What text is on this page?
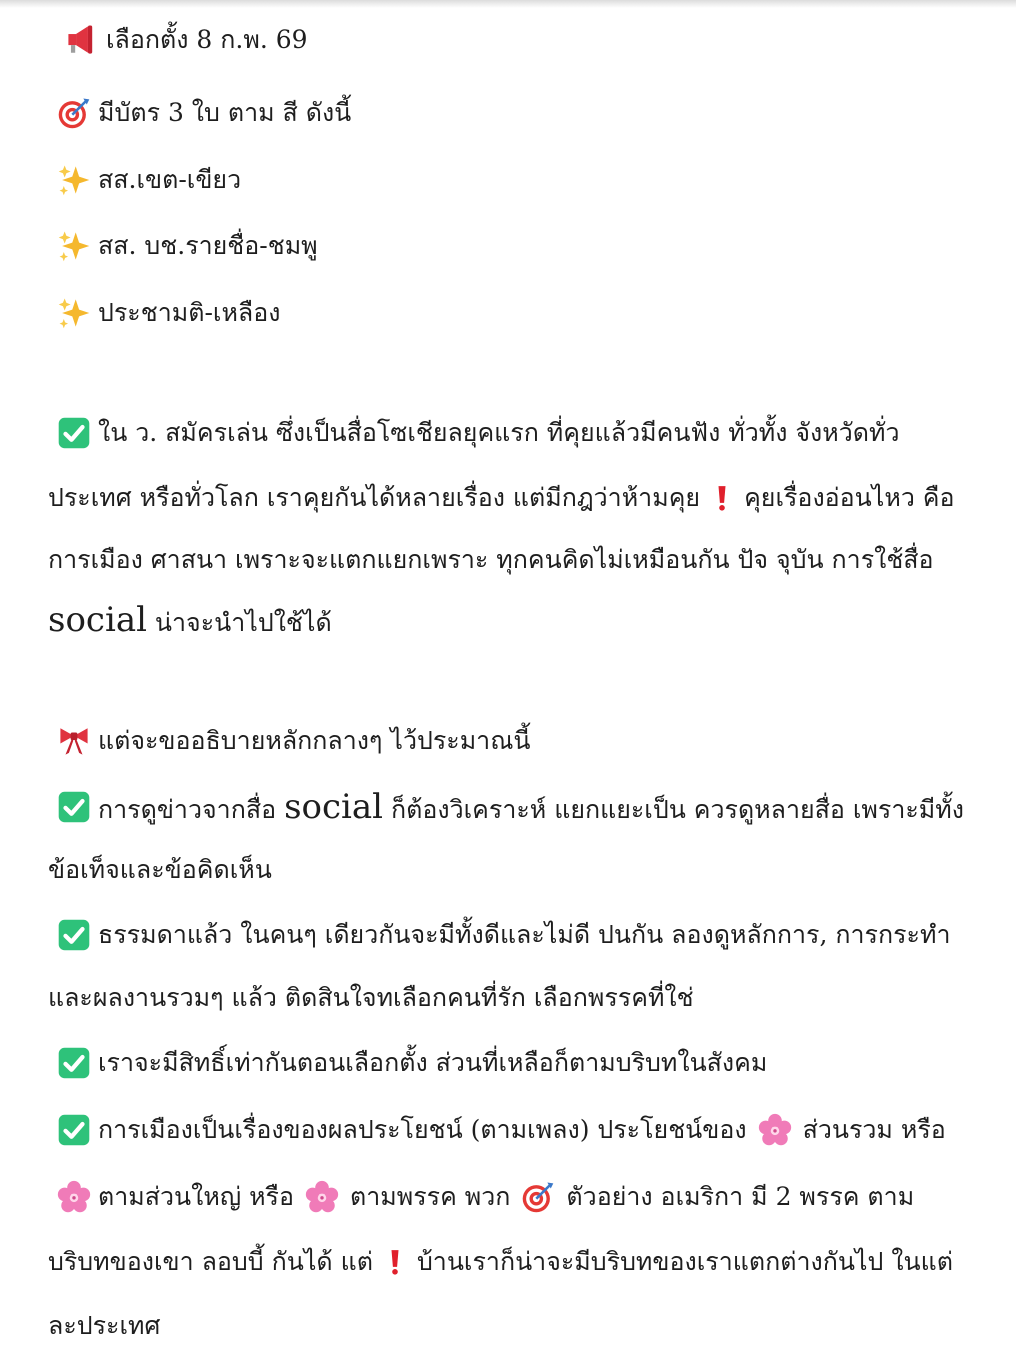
เลือกตั้ง 8 ก.พ. 69
มีบัตร 3 ใบ ตาม สี ดังนี้
สส.เขต-เขียว
สส. บช.รายชื่อ-ชมพู
ประชามติ-เหลือง
ใน ว. สมัครเล่น ซึ่งเป็นสื่อโซเชียลยุคแรก ที่คุยแล้วมีคนฟัง ทั่วทั้ง จังหวัดทั่ว
ประเทศ หรือทั่วโลก เราคุยกันได้หลายเรื่อง แต่มีกฎว่าห้ามคุย คุยเรื่องอ่อนไหว คือ
การเมือง ศาสนา เพราะจะแตกแยกเพราะ ทุกคนคิดไม่เหมือนกัน ปัจ จุบัน การใช้สื่อ
social น่าจะนำไปใช้ได้
แต่จะขออธิบายหลักกลางๆ ไว้ประมาณนี้
การดูข่าวจากสื่อ social ก็ต้องวิเคราะห์ แยกแยะเป็น ควรดูหลายสื่อ เพราะมีทั้ง
ข้อเท็จและข้อคิดเห็น
ธรรมดาแล้ว ในคนๆ เดียวกันจะมีทั้งดีและไม่ดี ปนกัน ลองดูหลักการ, การกระทำ
และผลงานรวมๆ แล้ว ติดสินใจทเลือกคนที่รัก เลือกพรรคที่ใช่
เราจะมีสิทธิ์เท่ากันตอนเลือกตั้ง ส่วนที่เหลือก็ตามบริบทในสังคม
การเมืองเป็นเรื่องของผลประโยชน์ (ตามเพลง) ประโยชน์ของ ส่วนรวม หรือ
ตามส่วนใหญ่ หรือ ตามพรรค พวก ตัวอย่าง อเมริกา มี 2 พรรค ตาม
บริบทของเขา ลอบบี้ กันได้ แต่ บ้านเราก็น่าจะมีบริบทของเราแตกต่างกันไป ในแต่
ละประเทศ
